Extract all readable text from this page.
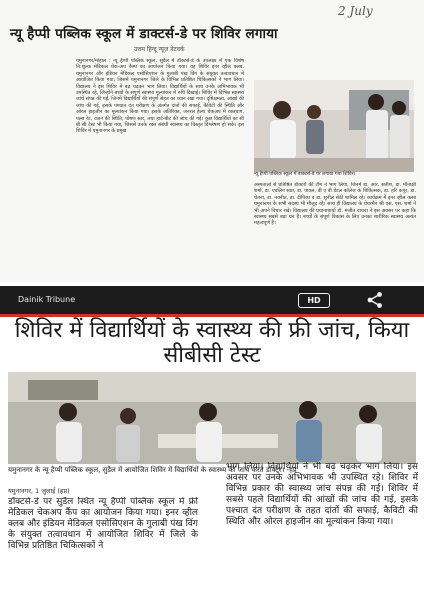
2 July
न्यू हैप्पी पब्लिक स्कूल में डाक्टर्स-डे पर शिविर लगाया
उत्तम हिन्दू न्यूज़ नेटवर्क
यमुनानगर/मोहाल : न्यू हैप्पी पब्लिक स्कूल, सुडैल में डॉक्टर्स-डे के उपलक्ष्य में एक विशेष नि:शुल्क मेडिकल चेक-अप कैम्प का आयोजन किया गया। यह शिविर इनर व्हील क्लब, यमुनानगर और इंडियन मेडिकल एसोसिएशन के गुलाबी पंख विंग के संयुक्त तत्वावधान में आयोजित किया गया, जिसमें यमुनानगर जिले के विभिन्न प्रतिष्ठित चिकित्सकों ने भाग लिया। विद्यालय ने इस शिविर में बढ़ चढ़कर भाग लिया। विद्यार्थियों के साथ उनके अभिभावक भी उपस्थित रहे, जिन्होंने बच्चों के संपूर्ण स्वास्थ्य मूल्यांकन में रुचि दिखाई। शिविर में विभिन्न स्वास्थ्य जांचें संपन्न की गईं, जिनमें विद्यार्थियों की संपूर्ण सेहत का ध्यान रखा गया। दृष्टिक्षमता, आंखों की जांच की गई, इसके पश्चात दंत परीक्षण के अंतर्गत दांतों की सफाई, कैविटी की स्थिति और ओरल हाइजीन का मूल्यांकन किया गया। इसके अतिरिक्त, जनरल हेल्थ चेकअप में रक्तचाप, पल्स रेट, वजन की स्थिति, पोषण स्तर, तथा हार्ट-बीट की जांच की गई। कुछ विद्यार्थियों का सी बी सी टेस्ट भी किया गया, जिससे उनके रक्त संबंधी स्वास्थ्य का विस्तृत विश्लेषण हो सके। इस शिविर में यमुनानगर के प्रमुख
न्यू हैप्पी पब्लिक स्कूल में डाक्टर्स-डे पर लगाया गया शिविर।
अस्पतालों से प्रतिष्ठित डॉक्टरों की टीम ने भाग लिया, जिनमें डा. आर. सतीश, डा. मीनाक्षी शर्मा, डा. एवलिन सप्रा, डा. पायल, डी ए वी डेंटल कॉलेज के चिकित्सक, डा. हरि कपूर, डा. चेतना, डा. नवनीत, डा. दीपिका व डा. सुनील सेठी शामिल रहे। कार्यक्रम में इनर व्हील क्लब यमुनानगर के सभी सदस्य भी मौजूद रहे। साथ ही विद्यालय के चेयरमैन श्री एस. एस. शर्मा ने भी अपने विचार रखे। विद्यालय की प्रधानाचार्या डॉ. मंजीत वाधवा ने इस अवसर पर कहा कि स्वास्थ्य सबसे बड़ा धन है। बच्चों के संपूर्ण विकास के लिए उनका शारीरिक स्वास्थ्य अत्यंत महत्वपूर्ण है।
Dainik Tribune	HD
शिविर में विद्यार्थियों के स्वास्थ्य की फ्री जांच, किया सीबीसी टेस्ट
यमुनानगर के न्यू हैप्पी पब्लिक स्कूल, सुडैल में आयोजित शिविर में विद्यार्थियों के स्वास्थ्य की जांच करते डॉक्टर। -हप्र
यमुनानगर, 1 जुलाई (हप्र)
डॉक्टर्स-डे पर सुडैल स्थित न्यू हैप्पी पब्लिक स्कूल में फ्री मेडिकल चेकअप कैंप का आयोजन किया गया। इनर व्हील क्लब और इंडियन मेडिकल एसोसिएशन के गुलाबी पंख विंग के संयुक्त तत्वावधान में आयोजित शिविर में जिले के विभिन्न प्रतिष्ठित चिकित्सकों ने
भाग लिया। विद्यार्थियों ने भी बढ़ चढ़कर भाग लिया। इस अवसर पर उनके अभिभावक भी उपस्थित रहे। शिविर में विभिन्न प्रकार की स्वास्थ्य जांच संपन्न की गई। शिविर में सबसे पहले विद्यार्थियों की आंखों की जांच की गई, इसके पश्चात दंत परीक्षण के तहत दांतों की सफाई, कैविटी की स्थिति और ओरल हाइजीन का मूल्यांकन किया गया।
